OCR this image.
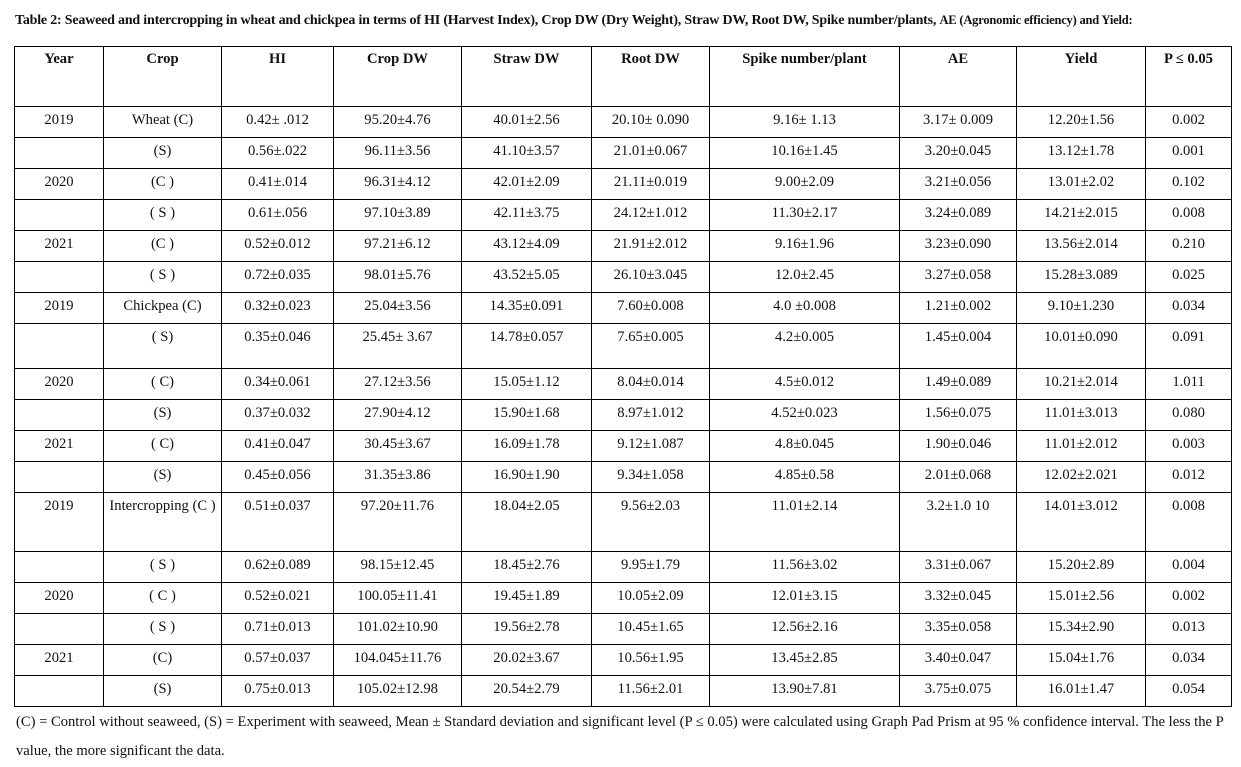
Table 2: Seaweed and intercropping in wheat and chickpea in terms of HI (Harvest Index), Crop DW (Dry Weight), Straw DW, Root DW, Spike number/plants, AE (Agronomic efficiency) and Yield:
Year	Crop	HI	Crop DW	Straw DW	Root DW	Spike number/plant	AE	Yield	P ≤ 0.05
2019	Wheat (C)	0.42± .012	95.20±4.76	40.01±2.56	20.10± 0.090	9.16± 1.13	3.17± 0.009	12.20±1.56	0.002
	(S)	0.56±.022	96.11±3.56	41.10±3.57	21.01±0.067	10.16±1.45	3.20±0.045	13.12±1.78	0.001
2020	(C )	0.41±.014	96.31±4.12	42.01±2.09	21.11±0.019	9.00±2.09	3.21±0.056	13.01±2.02	0.102
	( S )	0.61±.056	97.10±3.89	42.11±3.75	24.12±1.012	11.30±2.17	3.24±0.089	14.21±2.015	0.008
2021	(C )	0.52±0.012	97.21±6.12	43.12±4.09	21.91±2.012	9.16±1.96	3.23±0.090	13.56±2.014	0.210
	( S )	0.72±0.035	98.01±5.76	43.52±5.05	26.10±3.045	12.0±2.45	3.27±0.058	15.28±3.089	0.025
2019	Chickpea (C)	0.32±0.023	25.04±3.56	14.35±0.091	7.60±0.008	4.0 ±0.008	1.21±0.002	9.10±1.230	0.034
	( S)	0.35±0.046	25.45± 3.67	14.78±0.057	7.65±0.005	4.2±0.005	1.45±0.004	10.01±0.090	0.091
2020	( C)	0.34±0.061	27.12±3.56	15.05±1.12	8.04±0.014	4.5±0.012	1.49±0.089	10.21±2.014	1.011
	(S)	0.37±0.032	27.90±4.12	15.90±1.68	8.97±1.012	4.52±0.023	1.56±0.075	11.01±3.013	0.080
2021	( C)	0.41±0.047	30.45±3.67	16.09±1.78	9.12±1.087	4.8±0.045	1.90±0.046	11.01±2.012	0.003
	(S)	0.45±0.056	31.35±3.86	16.90±1.90	9.34±1.058	4.85±0.58	2.01±0.068	12.02±2.021	0.012
2019	Intercropping (C )	0.51±0.037	97.20±11.76	18.04±2.05	9.56±2.03	11.01±2.14	3.2±1.0 10	14.01±3.012	0.008
	( S )	0.62±0.089	98.15±12.45	18.45±2.76	9.95±1.79	11.56±3.02	3.31±0.067	15.20±2.89	0.004
2020	( C )	0.52±0.021	100.05±11.41	19.45±1.89	10.05±2.09	12.01±3.15	3.32±0.045	15.01±2.56	0.002
	( S )	0.71±0.013	101.02±10.90	19.56±2.78	10.45±1.65	12.56±2.16	3.35±0.058	15.34±2.90	0.013
2021	(C)	0.57±0.037	104.045±11.76	20.02±3.67	10.56±1.95	13.45±2.85	3.40±0.047	15.04±1.76	0.034
	(S)	0.75±0.013	105.02±12.98	20.54±2.79	11.56±2.01	13.90±7.81	3.75±0.075	16.01±1.47	0.054
(C) = Control without seaweed, (S) = Experiment with seaweed, Mean ± Standard deviation and significant level (P ≤ 0.05) were calculated using Graph Pad Prism at 95 % confidence interval. The less the P value, the more significant the data.
